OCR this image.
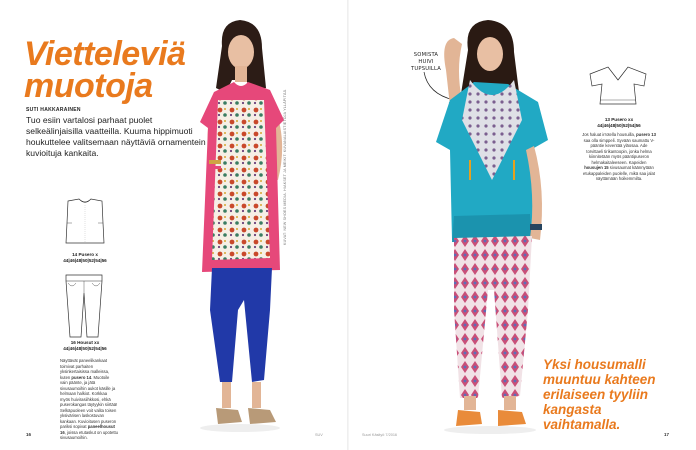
Vietteleviä
muotoja
SUTI HAKKARAINEN

Tuo esiin vartalosi parhaat puolet selkeälinjaisilla vaatteilla. Kuuma hippimuoti houkuttelee valitsemaan näyttäviä ornamentein kuvioituja kankaita.

14 Pusero x
44|46|48|50|52|54|56
16 Housut xx
44|46|48|50|52|54|56

Näyttävät paneelikankaat toimivat parhaiten yksinkertaisissa malleissa, kuten pusero 14. Muotoile vain päänte, ja jätä sivusaumoihin aukot käsille ja helmaan halkiot. Korkkaa myös huivirasiihkkosi, ehkä puserokangas täytyykin siirtää! Selkäpuoleen voit valita toisen yksivärisen laskostuvan kankaan. Kuvioitusen puseron pariksi sopivat paneelhousut 16, joissa etutaskut on upotettu sivusaumoihin.

KUVAT: NEW SHOES MEDIA. HIAKSET JA MEIKIT: KUVANALAISTIETOJA YLLÄPITÄÄ.
16	SUV
SOMISTA HUIVI
TUPSUILLA
13 Pusero xx
44|46|48|50|52|54|56

Jos haluat irrotella housuilla, pusero 13 saa olla simppeli. Syvään saumattu V-pääntie keventää yläosaa. Ade torvittaeli tirikantoopin, jonka helma kiinnitetään myös pääntipuseron helmakaitaleeseen. Kapeiden housujen 15 sivusaumat käännytään etukappaleiden puolelle, mikä saa jalat näyttämään hoikemmilta.

Yksi housumalli muuntuu kahteen erilaiseen tyyliin kangasta vaihtamalla.

Suuri Käsityö 7/2016	17
